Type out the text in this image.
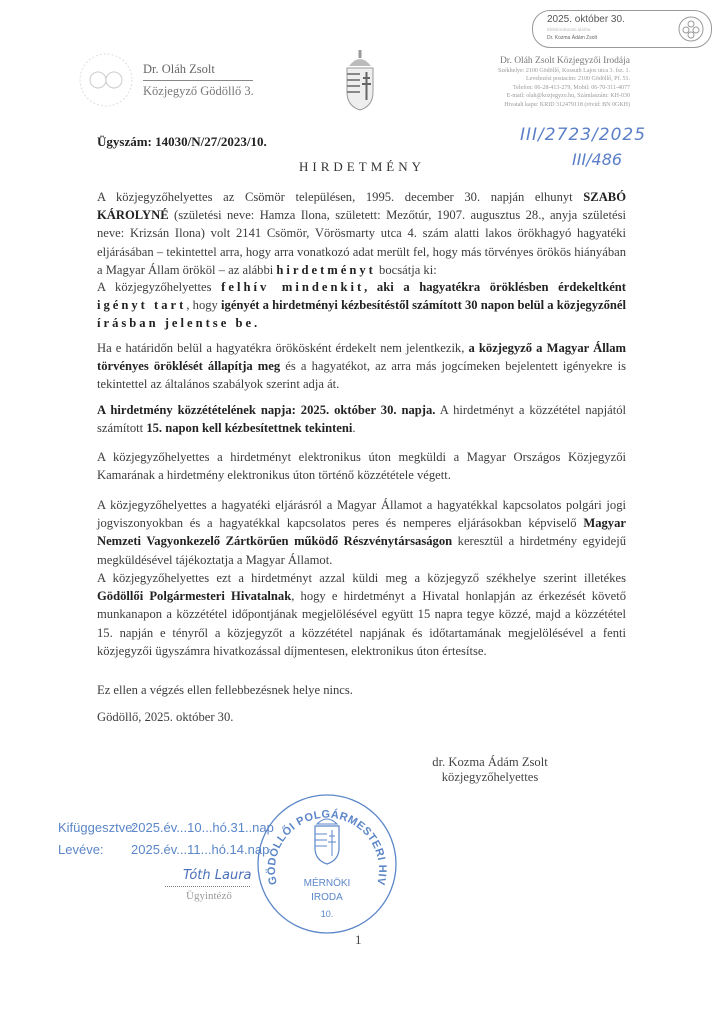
2025. október 30.
Elektronikusan aláírta
Dr. Kozma Ádám Zsolt
Dr. Oláh Zsolt
Közjegyző Gödöllő 3.
Dr. Oláh Zsolt Közjegyzői Irodája
Székhelye: 2100 Gödöllő, Kossuth Lajos utca 3. fsz. 1.
Levelezési postacím: 2100 Gödöllő, Pf. 51.
Telefon: 06-28-413-279, Mobil: 06-70-311-4077
E-mail: olah@kozjegyzo.hu, Számlaszám: KH-030
Hivatali kapu: KRID 312479118 (rövid: BN 0GKH)
III/2723/2025
III/486
Ügyszám: 14030/N/27/2023/10.
HIRDETMÉNY
A közjegyzőhelyettes az Csömör településen, 1995. december 30. napján elhunyt SZABÓ KÁROLYNÉ (születési neve: Hamza Ilona, született: Mezőtúr, 1907. augusztus 28., anyja születési neve: Krizsán Ilona) volt 2141 Csömör, Vörösmarty utca 4. szám alatti lakos örökhagyó hagyatéki eljárásában – tekintettel arra, hogy arra vonatkozó adat merült fel, hogy más törvényes örökös hiányában a Magyar Állam örököl – az alábbi hirdetményt bocsátja ki:
A közjegyzőhelyettes felhív mindenkit, aki a hagyatékra öröklésben érdekeltként igényt tart, hogy igényét a hirdetményi kézbesítéstől számított 30 napon belül a közjegyzőnél írásban jelentse be.
Ha e határidőn belül a hagyatékra örökösként érdekelt nem jelentkezik, a közjegyző a Magyar Állam törvényes öröklését állapítja meg és a hagyatékot, az arra más jogcímeken bejelentett igényekre is tekintettel az általános szabályok szerint adja át.
A hirdetmény közzétételének napja: 2025. október 30. napja. A hirdetményt a közzététel napjától számított 15. napon kell kézbesítettnek tekinteni.
A közjegyzőhelyettes a hirdetményt elektronikus úton megküldi a Magyar Országos Közjegyzői Kamarának a hirdetmény elektronikus úton történő közzététele végett.
A közjegyzőhelyettes a hagyatéki eljárásról a Magyar Államot a hagyatékkal kapcsolatos polgári jogi jogviszonyokban és a hagyatékkal kapcsolatos peres és nemperes eljárásokban képviselő Magyar Nemzeti Vagyonkezelő Zártkörűen működő Részvénytársaságon keresztül a hirdetmény egyidejű megküldésével tájékoztatja a Magyar Államot.
A közjegyzőhelyettes ezt a hirdetményt azzal küldi meg a közjegyző székhelye szerint illetékes Gödöllői Polgármesteri Hivatalnak, hogy e hirdetményt a Hivatal honlapján az érkezését követő munkanapon a közzététel időpontjának megjelölésével együtt 15 napra tegye közzé, majd a közzététel 15. napján e tényről a közjegyzőt a közzététel napjának és időtartamának megjelölésével a fenti közjegyzői ügyszámra hivatkozással díjmentesen, elektronikus úton értesítse.
Ez ellen a végzés ellen fellebbezésnek helye nincs.
Gödöllő, 2025. október 30.
dr. Kozma Ádám Zsolt
közjegyzőhelyettes
Kifüggesztve:
2025.év...10...hó.31..nap
Levéve: 2025.év...11...hó.14.nap
Tóth Laura
Ügyintéző
GÖDÖLLŐI POLGÁRMESTERI HIV
MÉRNÖKI
IRODA
10.
1
